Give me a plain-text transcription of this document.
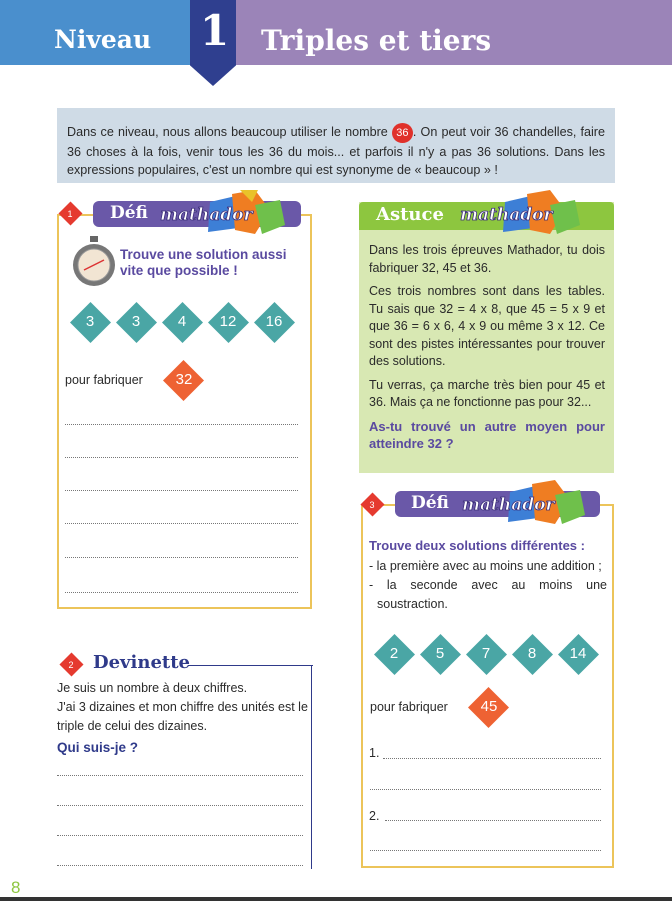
Niveau 1 Triples et tiers
Dans ce niveau, nous allons beaucoup utiliser le nombre 36 . On peut voir 36 chandelles, faire 36 choses à la fois, venir tous les 36 du mois... et parfois il n'y a pas 36 solutions. Dans les expressions populaires, c'est un nombre qui est synonyme de « beaucoup » !
mathador
Défi
1
Trouve une solution aussi vite que possible !
3	3	4	12	16
pour fabriquer	32
2	Devinette
Je suis un nombre à deux chiffres.
J'ai 3 dizaines et mon chiffre des unités est le triple de celui des dizaines.
Qui suis-je ?
Astuce mathador

Dans les trois épreuves Mathador, tu dois fabriquer 32, 45 et 36.

Ces trois nombres sont dans les tables. Tu sais que 32 = 4 x 8, que 45 = 5 x 9 et que 36 = 6 x 6, 4 x 9 ou même 3 x 12. Ce sont des pistes intéressantes pour trouver des solutions.

Tu verras, ça marche très bien pour 45 et 36. Mais ça ne fonctionne pas pour 32...

As-tu trouvé un autre moyen pour atteindre 32 ?

Défi mathador
3
Trouve deux solutions différentes :
- la première avec au moins une addition ;
- la seconde avec au moins une soustraction.
2	5	7	8	14
pour fabriquer	45
1.
2.
8
